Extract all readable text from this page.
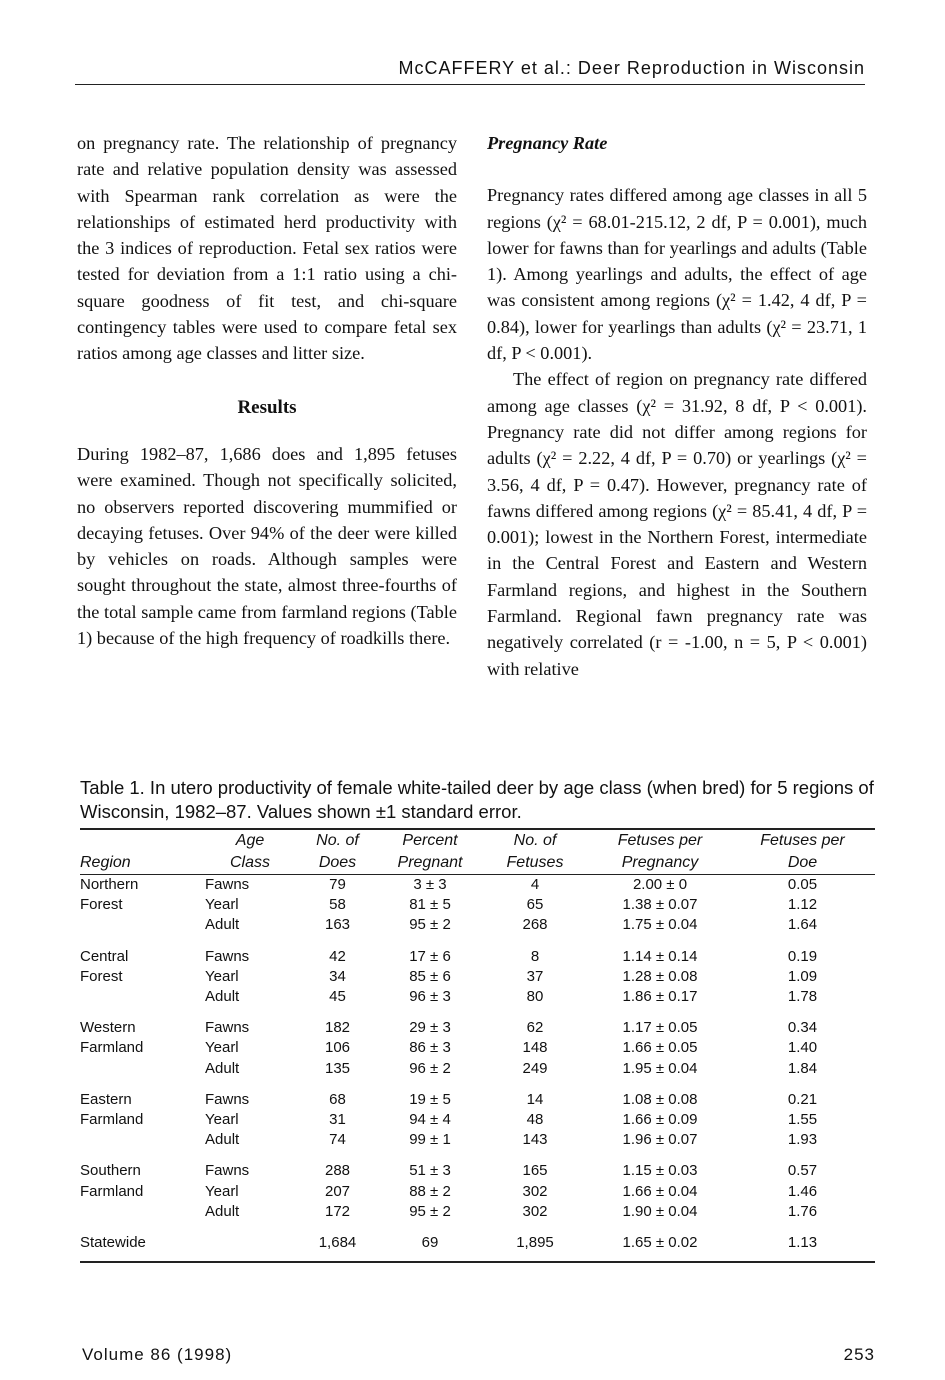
McCAFFERY et al.: Deer Reproduction in Wisconsin

on pregnancy rate. The relationship of pregnancy rate and relative population density was assessed with Spearman rank correlation as were the relationships of estimated herd productivity with the 3 indices of reproduction. Fetal sex ratios were tested for deviation from a 1:1 ratio using a chi-square goodness of fit test, and chi-square contingency tables were used to compare fetal sex ratios among age classes and litter size.

Results

During 1982–87, 1,686 does and 1,895 fetuses were examined. Though not specifically solicited, no observers reported discovering mummified or decaying fetuses. Over 94% of the deer were killed by vehicles on roads. Although samples were sought throughout the state, almost three-fourths of the total sample came from farmland regions (Table 1) because of the high frequency of roadkills there.

Pregnancy Rate

Pregnancy rates differed among age classes in all 5 regions (χ² = 68.01-215.12, 2 df, P = 0.001), much lower for fawns than for yearlings and adults (Table 1). Among yearlings and adults, the effect of age was consistent among regions (χ² = 1.42, 4 df, P = 0.84), lower for yearlings than adults (χ² = 23.71, 1 df, P < 0.001).

The effect of region on pregnancy rate differed among age classes (χ² = 31.92, 8 df, P < 0.001). Pregnancy rate did not differ among regions for adults (χ² = 2.22, 4 df, P = 0.70) or yearlings (χ² = 3.56, 4 df, P = 0.47). However, pregnancy rate of fawns differed among regions (χ² = 85.41, 4 df, P = 0.001); lowest in the Northern Forest, intermediate in the Central Forest and Eastern and Western Farmland regions, and highest in the Southern Farmland. Regional fawn pregnancy rate was negatively correlated (r = -1.00, n = 5, P < 0.001) with relative

Table 1. In utero productivity of female white-tailed deer by age class (when bred) for 5 regions of Wisconsin, 1982–87. Values shown ±1 standard error.
	Age	No. of	Percent	No. of	Fetuses per	Fetuses per
Region	Class	Does	Pregnant	Fetuses	Pregnancy	Doe
Northern	Fawns	79	3 ± 3	4	2.00 ± 0	0.05
Forest	Yearl	58	81 ± 5	65	1.38 ± 0.07	1.12
	Adult	163	95 ± 2	268	1.75 ± 0.04	1.64
Central	Fawns	42	17 ± 6	8	1.14 ± 0.14	0.19
Forest	Yearl	34	85 ± 6	37	1.28 ± 0.08	1.09
	Adult	45	96 ± 3	80	1.86 ± 0.17	1.78
Western	Fawns	182	29 ± 3	62	1.17 ± 0.05	0.34
Farmland	Yearl	106	86 ± 3	148	1.66 ± 0.05	1.40
	Adult	135	96 ± 2	249	1.95 ± 0.04	1.84
Eastern	Fawns	68	19 ± 5	14	1.08 ± 0.08	0.21
Farmland	Yearl	31	94 ± 4	48	1.66 ± 0.09	1.55
	Adult	74	99 ± 1	143	1.96 ± 0.07	1.93
Southern	Fawns	288	51 ± 3	165	1.15 ± 0.03	0.57
Farmland	Yearl	207	88 ± 2	302	1.66 ± 0.04	1.46
	Adult	172	95 ± 2	302	1.90 ± 0.04	1.76
Statewide		1,684	69	1,895	1.65 ± 0.02	1.13
Volume 86 (1998)	253
